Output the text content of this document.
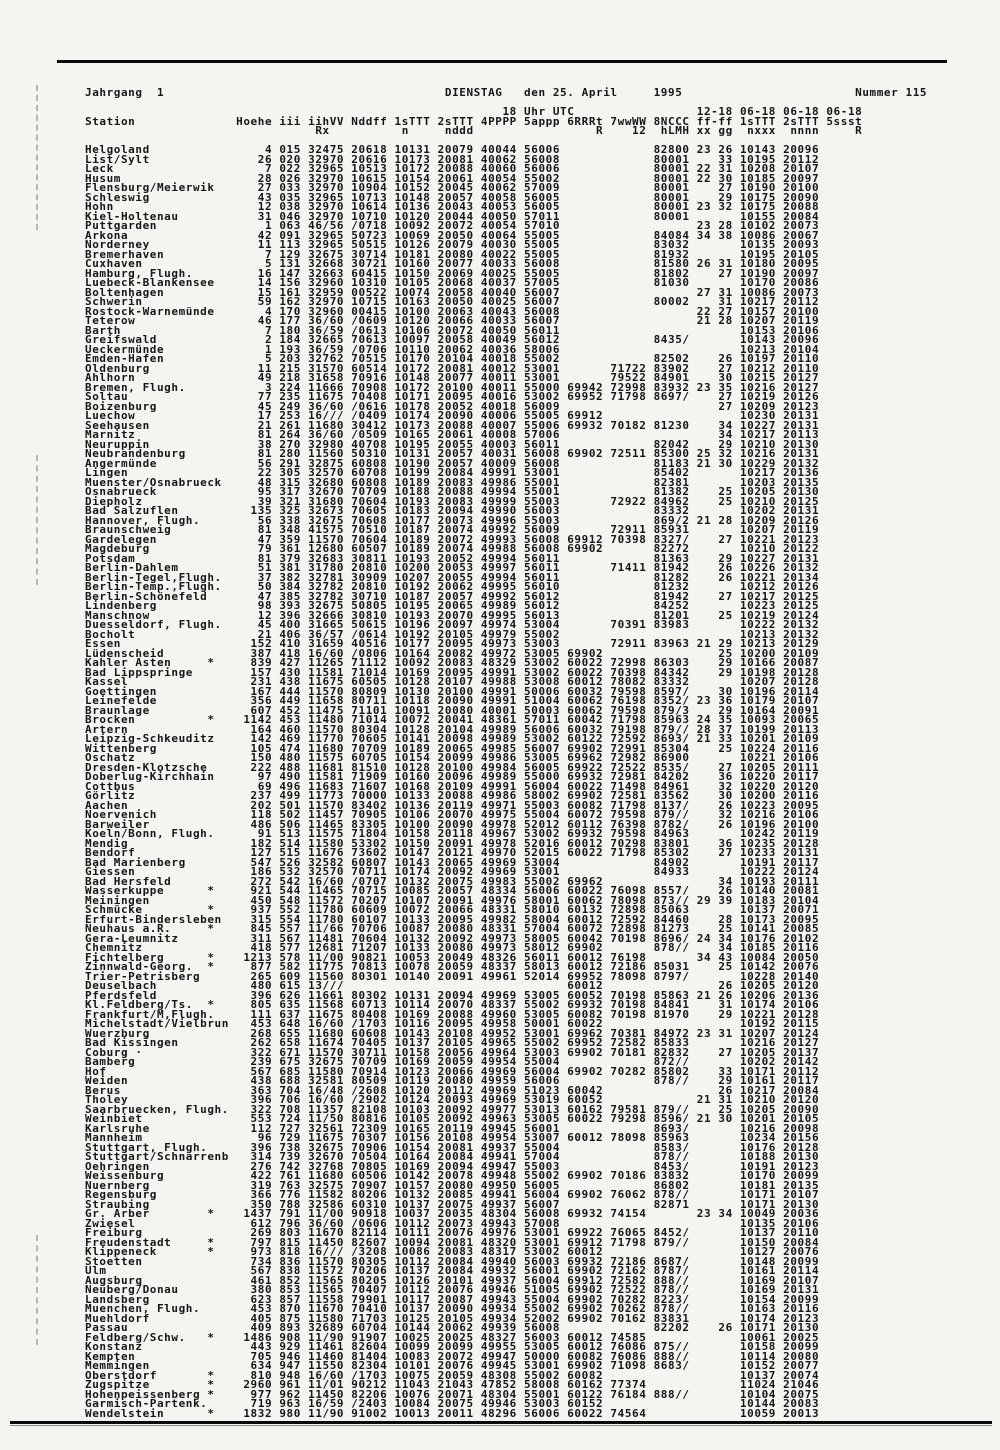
Jahrgang  1                                       DIENSTAG   den 25. April     1995                        Nummer 115

18 Uhr UTC                 12-18 06-18 06-18 06-18
Station              Hoehe iii iihVV Nddff 1sTTT 2sTTT 4PPPP 5appp 6RRRt 7wwWW 8NCCC ff-ff 1sTTT 2sTTT 5ssst
Rx          n     nddd                 R    12  hLMH xx gg  nxxx  nnnn     R

Helgoland                4 015 32475 20618 10131 20079 40044 56006             82800 23 26 10143 20096
List/Sylt               26 020 32970 20616 10173 20081 40062 56008             80001    33 10195 20112
Leck                     7 022 32965 10513 10172 20088 40060 56006             80001 22 31 10208 20107
Husum                   28 026 32970 10615 10154 20061 40054 55002             80001 22 30 10185 20097
Flensburg/Meierwik      27 033 32970 10904 10152 20045 40062 57009             80001    27 10190 20100
Schleswig               43 035 32965 10713 10148 20057 40058 56005             80001    29 10175 20090
Hohn                    12 038 32970 10614 10136 20043 40053 56005             80001 23 32 10175 20088
Kiel-Holtenau           31 046 32970 10710 10120 20044 40050 57011             80001       10155 20084
Puttgarden               1 063 46/56 /0718 10092 20072 40054 57010                   23 28 10102 20073
Arkona                  42 091 32965 50723 10069 20050 40064 55005             84084 34 38 10086 20067
Norderney               11 113 32965 50515 10126 20079 40030 55005             83032       10135 20093
Bremerhaven              7 129 32675 30714 10181 20080 40022 55005             81932       10195 20105
Cuxhaven                 5 131 32668 30721 10160 20077 40033 56008             81580 26 31 10180 20095
Hamburg, Flugh.         16 147 32663 60415 10150 20069 40025 55005             81802    27 10190 20097
Luebeck-Blankensee      14 156 32960 10310 10105 20068 40037 57005             81030       10170 20086
Boltenhagen             15 161 32959 00522 10074 20058 40040 56007                   27 31 10086 20073
Schwerin                59 162 32970 10715 10163 20050 40025 56007             80002    31 10217 20112
Rostock-Warnemünde       4 170 32960 00415 10100 20063 40043 56008                   22 27 10157 20100
Teterow                 46 177 36/60 /0609 10120 20066 40033 56007                   21 28 10207 20119
Barth                    7 180 36/59 /0613 10106 20072 40050 56011                         10153 20106
Greifswald               2 184 32665 70613 10097 20058 40049 56012             8435/       10143 20096
Ueckermünde              1 193 36/59 /0706 10110 20062 40036 58006                         10213 20104
Emden-Hafen              5 203 32762 70515 10170 20104 40018 55002             82502    26 10197 20110
Oldenburg               11 215 31570 60514 10172 20081 40012 53001       71722 83902    27 10212 20110
Ahlhorn                 49 218 31658 70916 10148 20077 40011 53001       79522 84901    30 10215 20127
Bremen, Flugh.           3 224 11666 70908 10172 20100 40011 55000 69942 72998 83932 23 35 10216 20127
Soltau                  77 235 11675 70408 10171 20095 40016 53002 69952 71798 8697/    27 10219 20126
Boizenburg              45 249 36/60 /0616 10178 20052 40018 56009                      27 10209 20123
Luechow                 17 253 16/// /0409 10174 20090 40006 55005 69912                   10230 20131
Seehausen               21 261 11680 30412 10173 20088 40007 55006 69932 70182 81230    34 10227 20131
Marnitz                 81 264 36/60 /0509 10165 20061 40008 57006                      34 10217 20113
Neuruppin               38 270 32980 40708 10195 20055 40003 56011             82042    29 10210 20130
Neubrandenburg          81 280 11560 50310 10131 20057 40031 56008 69902 72511 85300 25 32 10216 20131
Angermünde              56 291 32875 60808 10190 20057 40009 56008             81183 21 30 10229 20132
Lingen                  22 305 32570 60708 10199 20084 49991 53001             85402       10217 20136
Muenster/Osnabrueck     48 315 32680 60808 10189 20083 49986 55001             82381       10203 20135
Osnabrueck              95 317 32670 70709 10188 20088 49994 55001             81382    25 10205 20130
Diepholz                39 321 31680 70604 10193 20083 49999 55003       72922 84962    25 10210 20125
Bad Salzuflen          135 325 32673 70605 10183 20094 49990 56003             83332       10202 20131
Hannover, Flugh.        56 338 32675 70608 10177 20073 49996 55003             869/2 21 28 10209 20126
Braunschweig            81 348 41575 70510 10187 20074 49992 56009       72911 85931       10207 20119
Gardelegen              47 359 11570 70604 10189 20072 49993 56008 69912 70398 8327/    27 10221 20123
Magdeburg               79 361 12680 60507 10189 20074 49988 56008 69902       82272       10210 20122
Potsdam                 81 379 32683 30811 10193 20052 49994 56011             81363    29 10227 20131
Berlin-Dahlem           51 381 31780 20810 10200 20053 49997 56011       71411 81942    26 10226 20132
Berlin-Tegel,Flugh.     37 382 32781 30909 10207 20055 49994 56011             81282    26 10221 20134
Berlin-Temp.,Flugh.     50 384 32782 20810 10192 20062 49995 56010             81232       10212 20126
Berlin-Schönefeld       47 385 32782 30710 10187 20057 49992 56012             81942    27 10217 20125
Lindenberg              98 393 32675 50805 10195 20065 49989 56012             84252       10223 20125
Manschnow               12 396 32666 30810 10193 20070 49995 56013             81201    25 10219 20124
Duesseldorf, Flugh.     45 400 31665 50615 10196 20097 49974 53004       70391 83983       10222 20132
Bocholt                 21 406 36/57 /0614 10192 20105 49979 55002                         10213 20132
Essen                  152 410 31659 40516 10177 20095 49973 53003       72911 83963 21 29 10213 20129
Lüdenscheid            387 418 16/60 /0806 10164 20082 49972 53005 69902                25 10200 20109
Kahler Asten     *     839 427 11265 71112 10092 20083 48329 53002 60022 72998 86303    29 10166 20087
Bad Lippspringe        157 430 11581 71014 10169 20095 49991 53002 60022 70398 84342    29 10198 20128
Kassel                 231 438 11675 60505 10128 20107 49988 53008 60012 78082 83332       10207 20128
Goettingen             167 444 11570 80809 10130 20100 49991 50006 60032 79598 8597/    30 10196 20114
Leinefelde             356 449 11658 80711 10118 20090 49991 51004 60062 76198 8352/ 23 36 10179 20107
Braunlage              607 452 11475 71101 10091 20080 40001 50003 60062 79598 879/3    29 10164 20091
Brocken          *    1142 453 11480 71014 10072 20041 48361 57011 60042 71798 85963 24 35 10093 20065
Artern                 164 460 11570 80304 10128 20104 49989 56006 60032 79198 879// 28 37 10199 20113
Leipzig-Schkeuditz     142 469 11770 70605 10141 20098 49989 53002 60122 72592 8693/ 21 33 10201 20109
Wittenberg             105 474 11680 70709 10189 20065 49985 56007 69902 72991 85304    25 10224 20116
Oschatz                150 480 11575 60705 10154 20099 49986 53005 69962 72982 86900       10221 20106
Dresden-Klotzsche      222 488 11681 81510 10128 20100 49984 56005 69922 72522 8535/    27 10205 20111
Doberlug-Kirchhain      97 490 11581 71909 10160 20096 49989 55000 69932 72981 84202    36 10220 20117
Cottbus                 69 496 11683 71607 10168 20109 49991 56004 60022 71498 84961    32 10220 20120
Görlitz                237 499 11773 70000 10133 20088 49986 58002 69902 72581 83562    30 10200 20116
Aachen                 202 501 11570 83402 10136 20119 49971 55003 60082 71798 8137/    26 10223 20095
Noervenich             118 502 11457 70905 10106 20070 49975 55004 60072 79598 879//    32 10216 20106
Barweiler              486 506 11465 83305 10100 20090 49978 52012 60112 76398 8782/    26 10196 20100
Koeln/Bonn, Flugh.      91 513 11575 71804 10158 20118 49967 53002 69932 79598 84963       10242 20119
Mendig                 182 514 11580 53302 10150 20091 49978 52016 60012 70298 83801    36 10235 20128
Bendorf                127 515 11676 73602 10147 20121 49970 52015 60022 71798 85302    27 10233 20131
Bad Marienberg         547 526 32582 60807 10143 20065 49969 53004             84902       10191 20117
Giessen                186 532 32570 70711 10174 20092 49969 53001             84933       10222 20124
Bad Hersfeld           272 542 16/60 /0707 10132 20075 49983 55002 69962                34 10193 20111
Wasserkuppe      *     921 544 11465 70715 10085 20057 48334 56006 60022 76098 8557/    26 10140 20081
Meiningen              450 548 11572 70207 10107 20091 49976 58001 60062 78098 873// 29 39 10183 20104
Schmücke         *     937 552 11780 60609 10072 20066 48331 58010 60132 72898 85063       10137 20071
Erfurt-Bindersleben    315 554 11780 60107 10133 20095 49982 58004 60012 72592 84460    28 10173 20095
Neuhaus a.R.     *     845 557 11/66 70706 10087 20080 48331 57004 60072 72898 81273    25 10141 20085
Gera-Leumnitz          311 567 11481 70604 10132 20092 49973 58005 60042 70198 8696/ 24 34 10176 20102
Chemnitz               418 577 12681 71207 10133 20080 49973 58012 69902       878//    34 10185 20116
Fichtelberg      *    1213 578 11/00 90821 10053 20049 48326 56011 60012 76198       34 43 10084 20050
Zinnwald-Georg.  *     877 582 11775 70813 10078 20059 48337 58013 60012 72186 85031    25 10142 20076
Trier-Petrisberg       265 609 11560 80301 10140 20091 49961 52014 69952 78098 8797/       10228 20140
Deuselbach             480 615 13///                               60012                26 10205 20120
Pferdsfeld             396 626 11661 80302 10131 20094 49969 53005 60052 70198 85863 21 26 10206 20136
Kl.Feldberg/Ts.  *     805 635 11568 60713 10114 20070 48337 55002 69932 70198 84841    31 10174 20106
Frankfurt/M,Flugh.     111 637 11675 80408 10169 20088 49960 53005 60082 70198 81970    29 10221 20128
Michelstadt/Vielbrun   453 648 16/60 /1703 10116 20095 49958 50001 60022                   10192 20115
Wuerzburg              268 655 11680 60608 10143 20108 49952 53001 69962 70381 84972 23 31 10207 20124
Bad Kissingen          262 658 11674 70405 10137 20105 49965 55002 69952 72582 85833       10216 20127
Coburg ·               322 671 11570 30711 10158 20056 49964 53003 69902 70181 82832    27 10205 20137
Bamberg                239 675 32675 70709 10169 20059 49954 55004             872//       10202 20142
Hof                    567 685 11580 70914 10123 20066 49969 56004 69902 70282 85802    33 10171 20112
Weiden                 438 688 32581 80509 10119 20080 49959 56006             878//    29 10161 20117
Berus                  363 704 16/48 /2608 10120 20112 49969 51023 60042                26 10217 20084
Tholey                 396 706 16/60 /2902 10124 20093 49969 53019 60052             21 31 10210 20120
Saarbruecken, Flugh.   322 708 11357 82108 10103 20092 49977 53013 60162 79581 879//    25 10205 20090
Weinbiet               553 724 11/50 80816 10105 20092 49963 53005 60022 79298 8596/ 21 30 10201 20105
Karlsruhe              112 727 32561 72309 10165 20119 49945 56001             8693/       10216 20098
Mannheim                96 729 11675 70307 10156 20108 49954 53007 60012 78098 85963       10234 20156
Stuttgart, Flugh.      396 738 32675 70906 10154 20081 49937 55004             8583/       10176 20128
Stuttgart/Schnarrenb   314 739 32670 70504 10164 20084 49941 57004             878//       10188 20130
Oehringen              276 742 32768 70805 10169 20094 49947 55003             8453/       10191 20123
Weissenburg            422 761 11680 60506 10142 20078 49948 55002 69902 70186 83832       10170 20099
Nuernberg              319 763 32575 70907 10157 20080 49950 56005             86802       10181 20135
Regensburg             366 776 11582 80206 10132 20085 49941 56004 69902 76062 878//       10171 20107
Straubing              350 788 32586 60310 10137 20075 49937 56007             82871       10171 20130
Gr. Arber        *    1437 791 11/00 90918 10037 20035 48304 56008 69932 74154       23 34 10049 20036
Zwiesel                612 796 36/60 /0606 10112 20073 49943 57008                         10135 20106
Freiburg               269 803 11670 82114 10111 20076 49976 53001 69922 76065 8452/       10137 20110
Freudenstadt     *     797 815 11450 82607 10094 20081 48320 53001 69912 71798 879//       10150 20084
Klippeneck       *     973 818 16/// /3208 10086 20083 48317 53002 60012                   10127 20076
Stoetten               734 836 11570 80305 10112 20084 49940 56003 69932 72186 8687/       10148 20099
Ulm                    567 838 11572 70206 10137 20084 49932 56001 69902 72162 8787/       10161 20114
Augsburg               461 852 11565 80205 10126 20101 49937 56004 69912 72582 888//       10169 20107
Neuberg/Donau          380 853 11565 70407 10112 20076 49946 51005 69902 72522 878//       10169 20131
Landsberg              623 857 11558 79901 10117 20087 49943 55004 69902 70282 8223/       10154 20099
Muenchen, Flugh.       453 870 11670 70410 10137 20090 49934 55002 69902 70262 878//       10163 20116
Muehldorf              405 875 11580 71703 10125 20105 49934 52002 69902 70162 83831       10174 20123
Passau                 409 893 32689 60704 10144 20062 49939 56008             82202    26 10171 20130
Feldberg/Schw.   *    1486 908 11/90 91907 10025 20025 48327 56003 60012 74585             10061 20025
Konstanz               443 929 11461 82604 10099 20099 49955 53005 60012 76086 875//       10158 20099
Kempten                705 946 11460 81404 10083 20072 49947 50000 60082 76086 888//       10114 20080
Memmingen              634 947 11550 82304 10101 20076 49945 53001 69902 71098 8683/       10152 20077
Oberstdorf       *     810 948 16/60 /1703 10075 20059 48308 55002 60082                   10137 20074
Zugspitze        *    2960 961 11/01 90212 11043 21043 47852 58008 60162 77374             11024 21046
Hohenpeissenberg *     977 962 11450 82206 10076 20071 48304 55001 60122 76184 888//       10104 20075
Garmisch-Partenk.      719 963 16/59 /2403 10084 20075 49946 53003 60152                   10144 20083
Wendelstein      *    1832 980 11/90 91002 10013 20011 48296 56006 60022 74564             10059 20013
